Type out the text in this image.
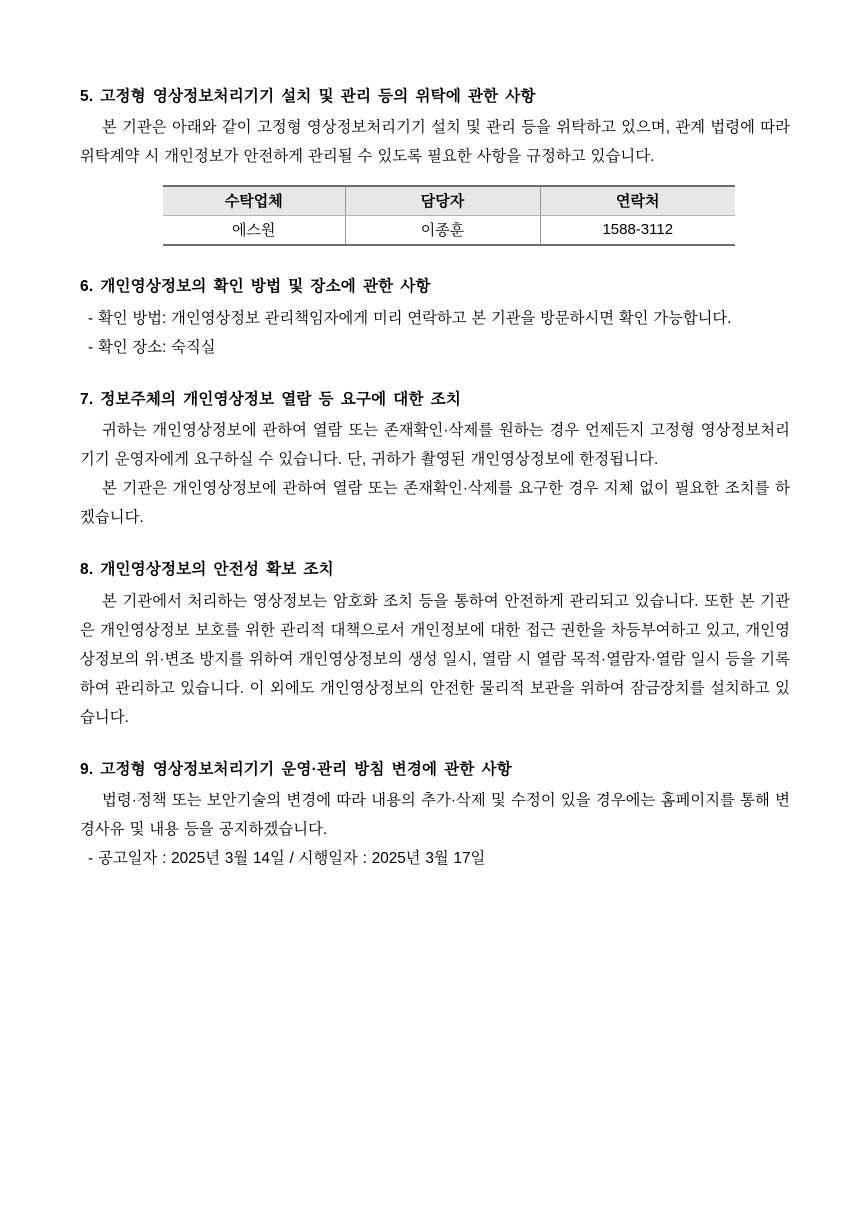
5. 고정형 영상정보처리기기 설치 및 관리 등의 위탁에 관한 사항

본 기관은 아래와 같이 고정형 영상정보처리기기 설치 및 관리 등을 위탁하고 있으며, 관계 법령에 따라 위탁계약 시 개인정보가 안전하게 관리될 수 있도록 필요한 사항을 규정하고 있습니다.

수탁업체	담당자	연락처
에스원	이종훈	1588-3112
6. 개인영상정보의 확인 방법 및 장소에 관한 사항

- 확인 방법: 개인영상정보 관리책임자에게 미리 연락하고 본 기관을 방문하시면 확인 가능합니다.

- 확인 장소: 숙직실

7. 정보주체의 개인영상정보 열람 등 요구에 대한 조치

귀하는 개인영상정보에 관하여 열람 또는 존재확인·삭제를 원하는 경우 언제든지 고정형 영상정보처리기기 운영자에게 요구하실 수 있습니다. 단, 귀하가 촬영된 개인영상정보에 한정됩니다.

본 기관은 개인영상정보에 관하여 열람 또는 존재확인·삭제를 요구한 경우 지체 없이 필요한 조치를 하겠습니다.

8. 개인영상정보의 안전성 확보 조치

본 기관에서 처리하는 영상정보는 암호화 조치 등을 통하여 안전하게 관리되고 있습니다. 또한 본 기관은 개인영상정보 보호를 위한 관리적 대책으로서 개인정보에 대한 접근 권한을 차등부여하고 있고, 개인영상정보의 위·변조 방지를 위하여 개인영상정보의 생성 일시, 열람 시 열람 목적·열람자·열람 일시 등을 기록하여 관리하고 있습니다. 이 외에도 개인영상정보의 안전한 물리적 보관을 위하여 잠금장치를 설치하고 있습니다.

9. 고정형 영상정보처리기기 운영·관리 방침 변경에 관한 사항

법령·정책 또는 보안기술의 변경에 따라 내용의 추가·삭제 및 수정이 있을 경우에는 홈페이지를 통해 변경사유 및 내용 등을 공지하겠습니다.

- 공고일자 : 2025년 3월 14일 / 시행일자 : 2025년 3월 17일
